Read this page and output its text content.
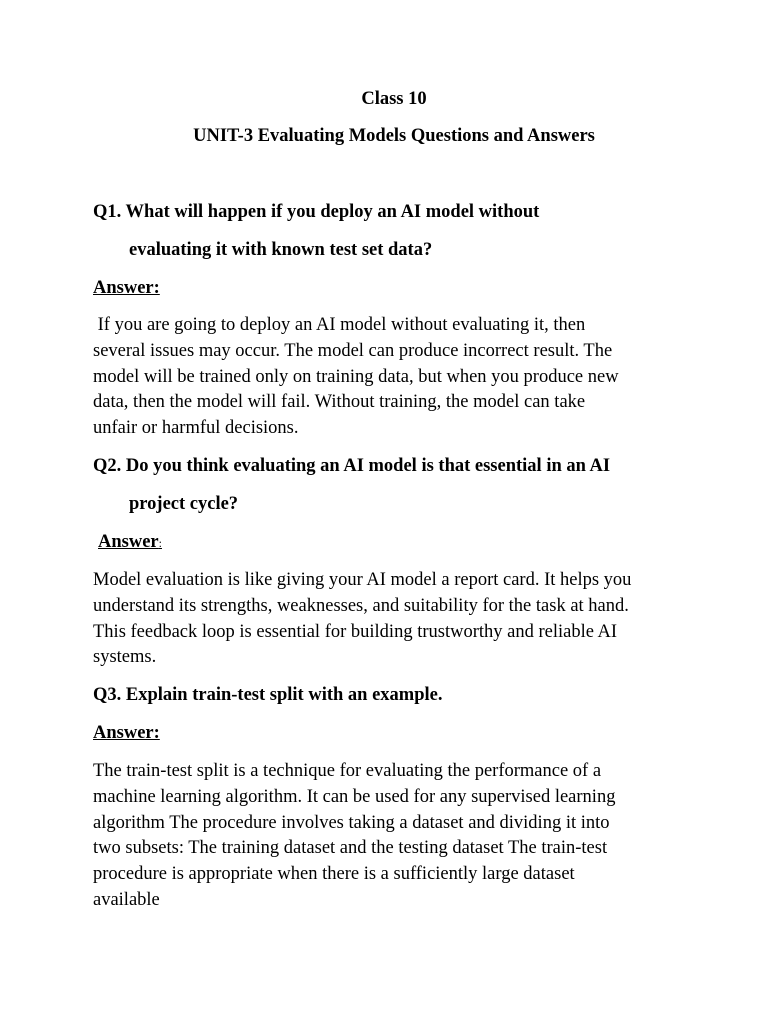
Class 10
UNIT-3 Evaluating Models Questions and Answers
Q1. What will happen if you deploy an AI model without
evaluating it with known test set data?
Answer:
If you are going to deploy an AI model without evaluating it, then
several issues may occur. The model can produce incorrect result. The
model will be trained only on training data, but when you produce new
data, then the model will fail. Without training, the model can take
unfair or harmful decisions.
Q2. Do you think evaluating an AI model is that essential in an AI
project cycle?
Answer:
Model evaluation is like giving your AI model a report card. It helps you
understand its strengths, weaknesses, and suitability for the task at hand.
This feedback loop is essential for building trustworthy and reliable AI
systems.
Q3. Explain train-test split with an example.
Answer:
The train-test split is a technique for evaluating the performance of a
machine learning algorithm. It can be used for any supervised learning
algorithm The procedure involves taking a dataset and dividing it into
two subsets: The training dataset and the testing dataset The train-test
procedure is appropriate when there is a sufficiently large dataset
available
